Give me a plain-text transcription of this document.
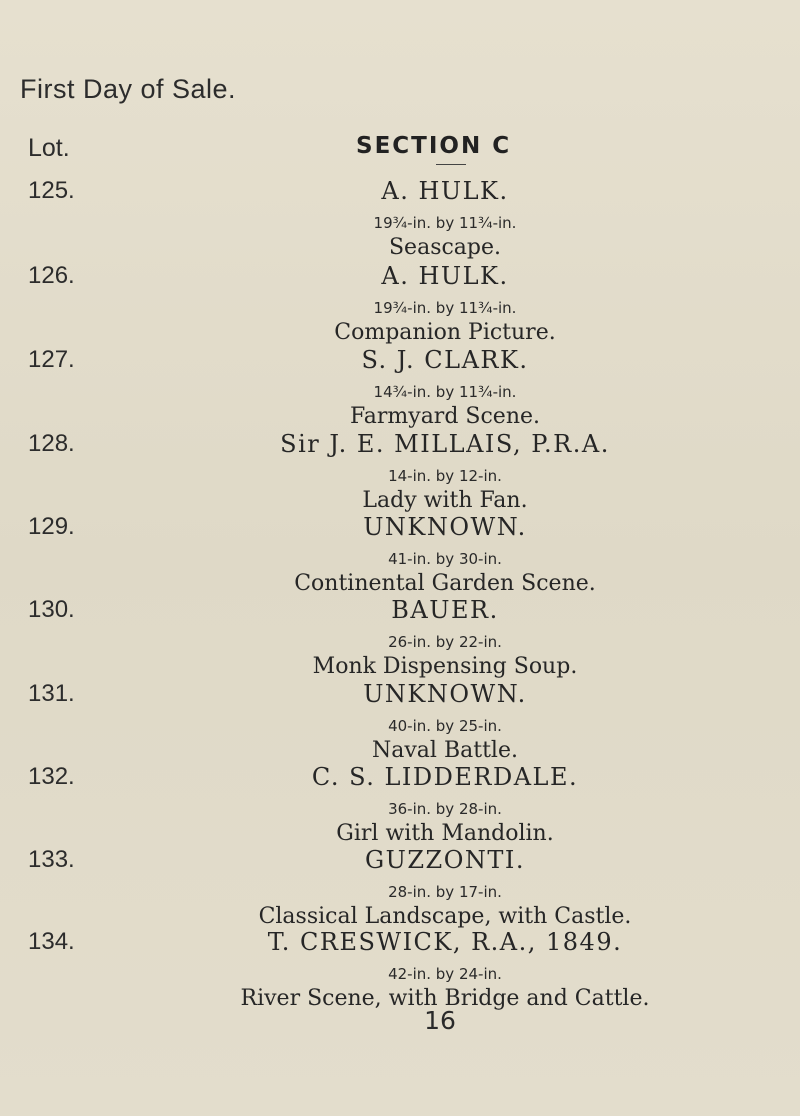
First Day of Sale.
Lot.	SECTION C
125.	A. HULK.
19¾-in. by 11¾-in.
Seascape.
126.	A. HULK.
19¾-in. by 11¾-in.
Companion Picture.
127.	S. J. CLARK.
14¾-in. by 11¾-in.
Farmyard Scene.
128.	Sir J. E. MILLAIS, P.R.A.
14-in. by 12-in.
Lady with Fan.
129.	UNKNOWN.
41-in. by 30-in.
Continental Garden Scene.
130.	BAUER.
26-in. by 22-in.
Monk Dispensing Soup.
131.	UNKNOWN.
40-in. by 25-in.
Naval Battle.
132.	C. S. LIDDERDALE.
36-in. by 28-in.
Girl with Mandolin.
133.	GUZZONTI.
28-in. by 17-in.
Classical Landscape, with Castle.
134.	T. CRESWICK, R.A., 1849.
42-in. by 24-in.
River Scene, with Bridge and Cattle.
16
